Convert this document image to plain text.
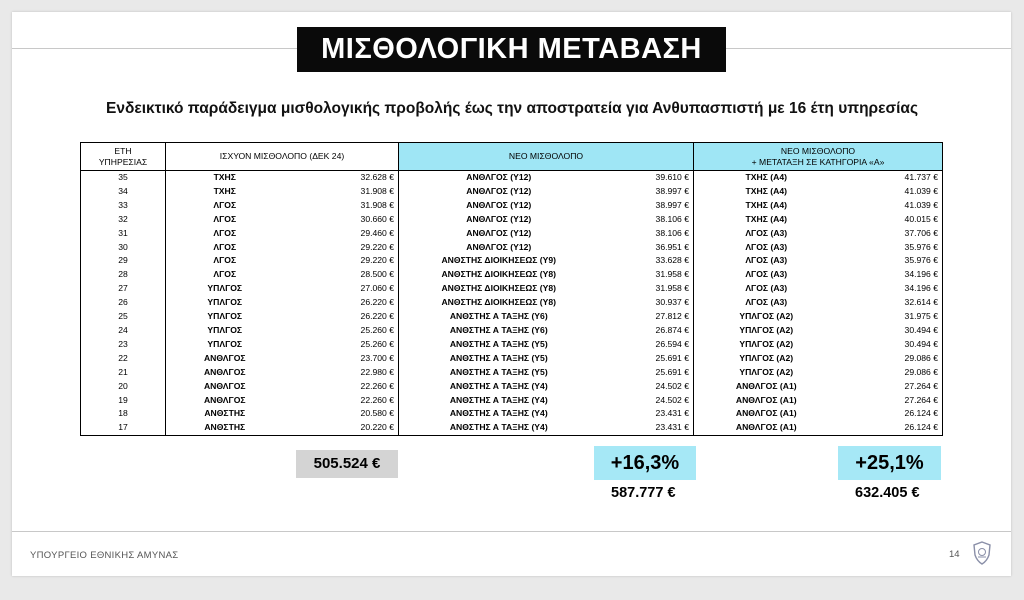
ΜΙΣΘΟΛΟΓΙΚΗ ΜΕΤΑΒΑΣΗ
Ενδεικτικό παράδειγμα μισθολογικής προβολής έως την αποστρατεία για Ανθυπασπιστή με 16 έτη υπηρεσίας
ΕΤΗ
ΥΠΗΡΕΣΙΑΣ	ΙΣΧΥΟΝ ΜΙΣΘΟΛΟΠΟ (ΔΕΚ 24)		ΝΕΟ ΜΙΣΘΟΛΟΠΟ		ΝΕΟ ΜΙΣΘΟΛΟΠΟ
+ ΜΕΤΑΤΑΞΗ ΣΕ ΚΑΤΗΓΟΡΙΑ «Α»	
35	ΤΧΗΣ	32.628 €	ΑΝΘΛΓΟΣ (Υ12)	39.610 €	ΤΧΗΣ (Α4)	41.737 €
34	ΤΧΗΣ	31.908 €	ΑΝΘΛΓΟΣ (Υ12)	38.997 €	ΤΧΗΣ (Α4)	41.039 €
33	ΛΓΟΣ	31.908 €	ΑΝΘΛΓΟΣ (Υ12)	38.997 €	ΤΧΗΣ (Α4)	41.039 €
32	ΛΓΟΣ	30.660 €	ΑΝΘΛΓΟΣ (Υ12)	38.106 €	ΤΧΗΣ (Α4)	40.015 €
31	ΛΓΟΣ	29.460 €	ΑΝΘΛΓΟΣ (Υ12)	38.106 €	ΛΓΟΣ (Α3)	37.706 €
30	ΛΓΟΣ	29.220 €	ΑΝΘΛΓΟΣ (Υ12)	36.951 €	ΛΓΟΣ (Α3)	35.976 €
29	ΛΓΟΣ	29.220 €	ΑΝΘΣΤΗΣ ΔΙΟΙΚΗΣΕΩΣ (Υ9)	33.628 €	ΛΓΟΣ (Α3)	35.976 €
28	ΛΓΟΣ	28.500 €	ΑΝΘΣΤΗΣ ΔΙΟΙΚΗΣΕΩΣ (Υ8)	31.958 €	ΛΓΟΣ (Α3)	34.196 €
27	ΥΠΛΓΟΣ	27.060 €	ΑΝΘΣΤΗΣ ΔΙΟΙΚΗΣΕΩΣ (Υ8)	31.958 €	ΛΓΟΣ (Α3)	34.196 €
26	ΥΠΛΓΟΣ	26.220 €	ΑΝΘΣΤΗΣ ΔΙΟΙΚΗΣΕΩΣ (Υ8)	30.937 €	ΛΓΟΣ (Α3)	32.614 €
25	ΥΠΛΓΟΣ	26.220 €	ΑΝΘΣΤΗΣ Α ΤΑΞΗΣ (Υ6)	27.812 €	ΥΠΛΓΟΣ (Α2)	31.975 €
24	ΥΠΛΓΟΣ	25.260 €	ΑΝΘΣΤΗΣ Α ΤΑΞΗΣ (Υ6)	26.874 €	ΥΠΛΓΟΣ (Α2)	30.494 €
23	ΥΠΛΓΟΣ	25.260 €	ΑΝΘΣΤΗΣ Α ΤΑΞΗΣ (Υ5)	26.594 €	ΥΠΛΓΟΣ (Α2)	30.494 €
22	ΑΝΘΛΓΟΣ	23.700 €	ΑΝΘΣΤΗΣ Α ΤΑΞΗΣ (Υ5)	25.691 €	ΥΠΛΓΟΣ (Α2)	29.086 €
21	ΑΝΘΛΓΟΣ	22.980 €	ΑΝΘΣΤΗΣ Α ΤΑΞΗΣ (Υ5)	25.691 €	ΥΠΛΓΟΣ (Α2)	29.086 €
20	ΑΝΘΛΓΟΣ	22.260 €	ΑΝΘΣΤΗΣ Α ΤΑΞΗΣ (Υ4)	24.502 €	ΑΝΘΛΓΟΣ (Α1)	27.264 €
19	ΑΝΘΛΓΟΣ	22.260 €	ΑΝΘΣΤΗΣ Α ΤΑΞΗΣ (Υ4)	24.502 €	ΑΝΘΛΓΟΣ (Α1)	27.264 €
18	ΑΝΘΣΤΗΣ	20.580 €	ΑΝΘΣΤΗΣ Α ΤΑΞΗΣ (Υ4)	23.431 €	ΑΝΘΛΓΟΣ (Α1)	26.124 €
17	ΑΝΘΣΤΗΣ	20.220 €	ΑΝΘΣΤΗΣ Α ΤΑΞΗΣ (Υ4)	23.431 €	ΑΝΘΛΓΟΣ (Α1)	26.124 €
505.524 €	+16,3%	+25,1%
587.777 €	632.405 €
ΥΠΟΥΡΓΕΙΟ ΕΘΝΙΚΗΣ ΑΜΥΝΑΣ	14
